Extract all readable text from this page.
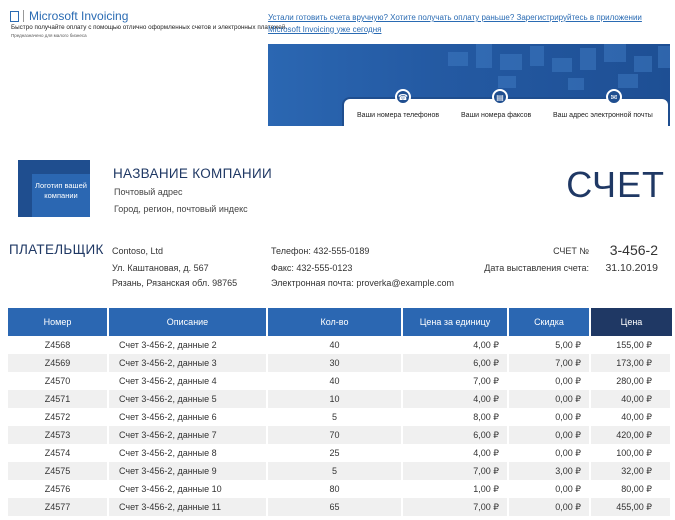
Microsoft Invoicing
Быстро получайте оплату с помощью отлично оформленных счетов и электронных платежей.
Предназначено для малого бизнеса
Устали готовить счета вручную? Хотите получать оплату раньше? Зарегистрируйтесь в приложении Microsoft Invoicing уже сегодня
☎
Ваши номера телефонов
▤
Ваши номера факсов
✉
Ваш адрес электронной почты
Логотип вашей компании
НАЗВАНИЕ КОМПАНИИ
Почтовый адрес
Город, регион, почтовый индекс
СЧЕТ
ПЛАТЕЛЬЩИК Contoso, Ltd
Ул. Каштановая, д. 567
Рязань, Рязанская обл. 98765
Телефон: 432-555-0189
Факс: 432-555-0123
Электронная почта: proverka@example.com
СЧЕТ № 3-456-2
Дата выставления счета: 31.10.2019
Номер	Описание	Кол-во	Цена за единицу	Скидка	Цена
Z4568	Счет 3-456-2, данные 2	40	4,00 ₽	5,00 ₽	155,00 ₽
Z4569	Счет 3-456-2, данные 3	30	6,00 ₽	7,00 ₽	173,00 ₽
Z4570	Счет 3-456-2, данные 4	40	7,00 ₽	0,00 ₽	280,00 ₽
Z4571	Счет 3-456-2, данные 5	10	4,00 ₽	0,00 ₽	40,00 ₽
Z4572	Счет 3-456-2, данные 6	5	8,00 ₽	0,00 ₽	40,00 ₽
Z4573	Счет 3-456-2, данные 7	70	6,00 ₽	0,00 ₽	420,00 ₽
Z4574	Счет 3-456-2, данные 8	25	4,00 ₽	0,00 ₽	100,00 ₽
Z4575	Счет 3-456-2, данные 9	5	7,00 ₽	3,00 ₽	32,00 ₽
Z4576	Счет 3-456-2, данные 10	80	1,00 ₽	0,00 ₽	80,00 ₽
Z4577	Счет 3-456-2, данные 11	65	7,00 ₽	0,00 ₽	455,00 ₽
